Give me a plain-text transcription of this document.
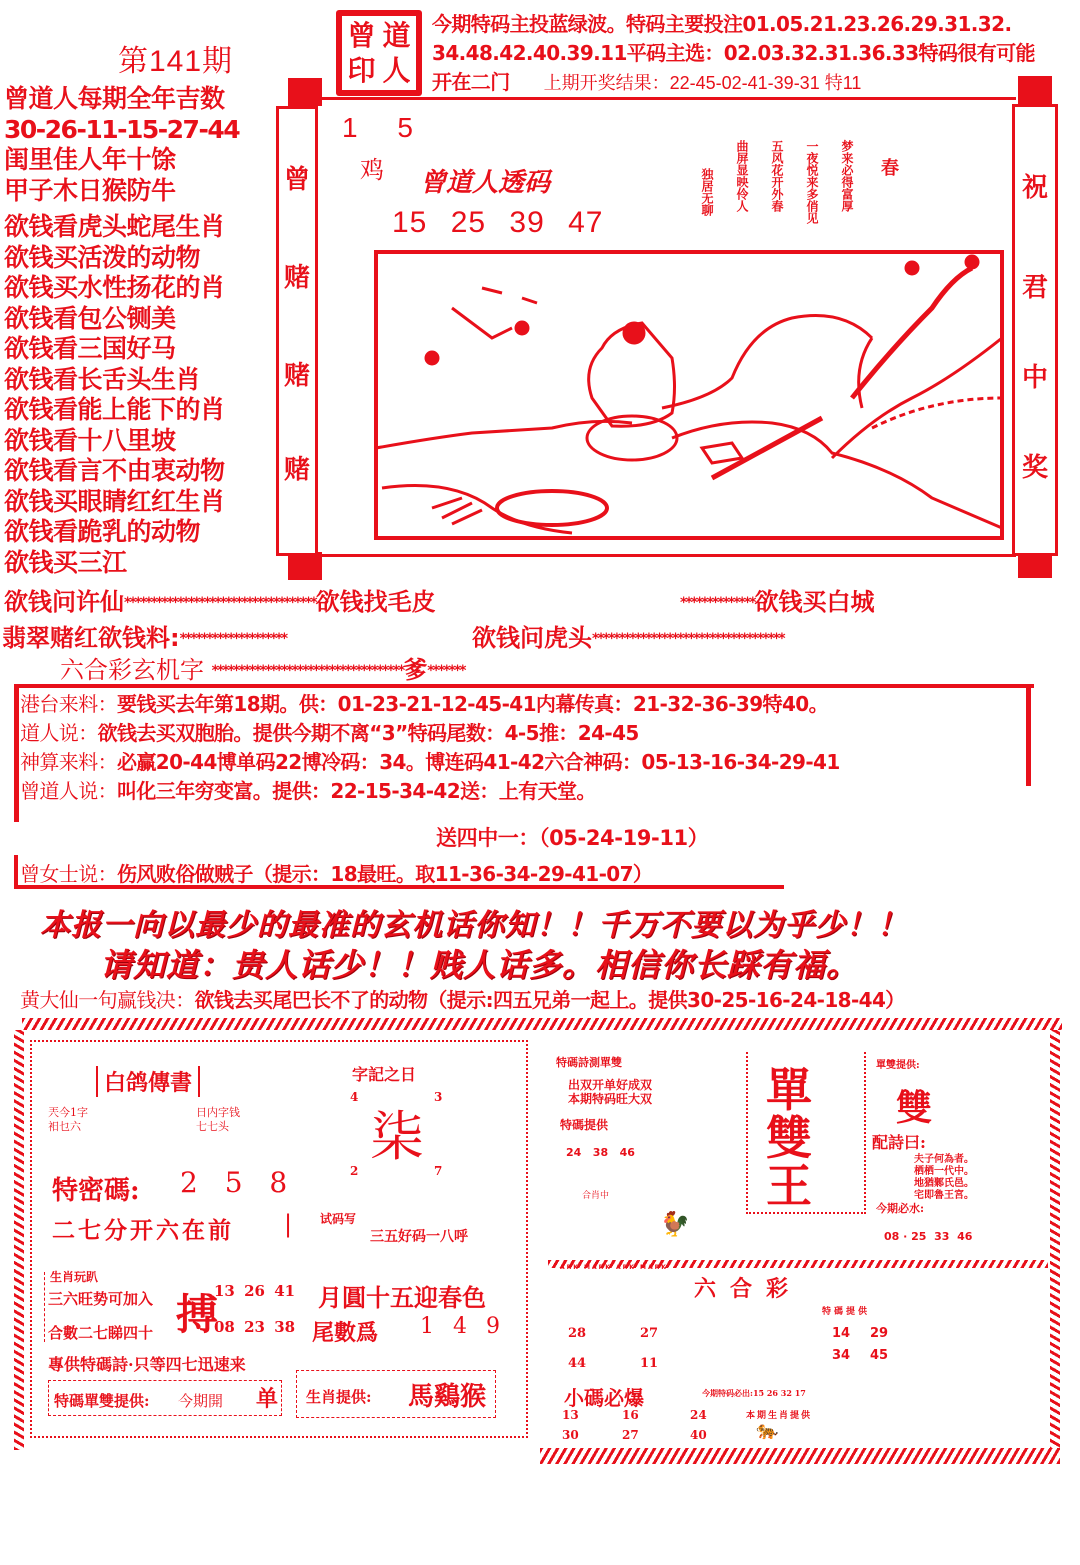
第141期
曾 道
印 人
今期特码主投蓝绿波。特码主要投注01.05.21.23.26.29.31.32.
34.48.42.40.39.11平码主选：02.03.32.31.36.33特码很有可能
开在二门 上期开奖结果：22-45-02-41-39-31 特11
曾道人每期全年吉数
30-26-11-15-27-44
闺里佳人年十馀
甲子木日猴防牛
欲钱看虎头蛇尾生肖
欲钱买活泼的动物
欲钱买水性扬花的肖
欲钱看包公铡美
欲钱看三国好马
欲钱看长舌头生肖
欲钱看能上能下的肖
欲钱看十八里坡
欲钱看言不由衷动物
欲钱买眼睛红红生肖
欲钱看跪乳的动物
欲钱买三江
曾
赌
赌
赌
祝
君
中
奖
1 5
鸡 曾道人透码
15 25 39 47
独居无聊 曲屏显映伶人 五风花开外春 一夜悦来多俏见 梦来必得富厚 春
欲钱问许仙************************************欲钱找毛皮	**************欲钱买白城
翡翠赌红欲钱料:********************	欲钱问虎头************************************
六合彩玄机字 ************************************爹*******
港台来料：要钱买去年第18期。供：01-23-21-12-45-41内幕传真：21-32-36-39特40。
道人说：欲钱去买双胞胎。提供今期不离“3”特码尾数：4-5推：24-45
神算来料：必赢20-44博单码22博冷码：34。博连码41-42六合神码：05-13-16-34-29-41
曾道人说：叫化三年穷变富。提供：22-15-34-42送：上有天堂。
送四中一：（05-24-19-11）
曾女士说：伤风败俗做贼子（提示：18最旺。取11-36-34-29-41-07）
本报一向以最少的最准的玄机话你知！！千万不要以为乎少！！
请知道：贵人话少！！贱人话多。相信你长踩有福。
黄大仙一句赢钱决：欲钱去买尾巴长不了的动物（提示:四五兄弟一起上。提供30-25-16-24-18-44）
白鸽傳書
兲今1字
衵乜六
日内字钱
七七头
字記之日
4	3
2	7
柒
特密碼: 2 5 8
二七分开六在前 | 试码写
三五好码一八呼
生肖玩趴
三六旺势可加入
合數二七睇四十 搏
13 26 41
08 23 38
專供特碼詩·只等四七迅速来
特碼單雙提供: 今期開 单
月圓十五迎春色
尾數爲 1 4 9
生肖提供: 馬鷄猴
特碼詩測單雙
出双开单好成双
本期特码旺大双
特碼提供
24   38   46
合肖中
🐓
單
雙
王
單雙提供:
雙
配詩曰:
夫子何為者。
栖栖一代中。
地猶鄹氏邑。
宅即魯王宮。
今期必水:
08 · 25  33  46
ARK MARK ARK MARK
六合彩
28	27
44	11
特碼提供
14 29
34 45
小碼必爆	今期特码必出:15 26 32 17
13	16	24
30	27	40
本期生肖提供
🐅
